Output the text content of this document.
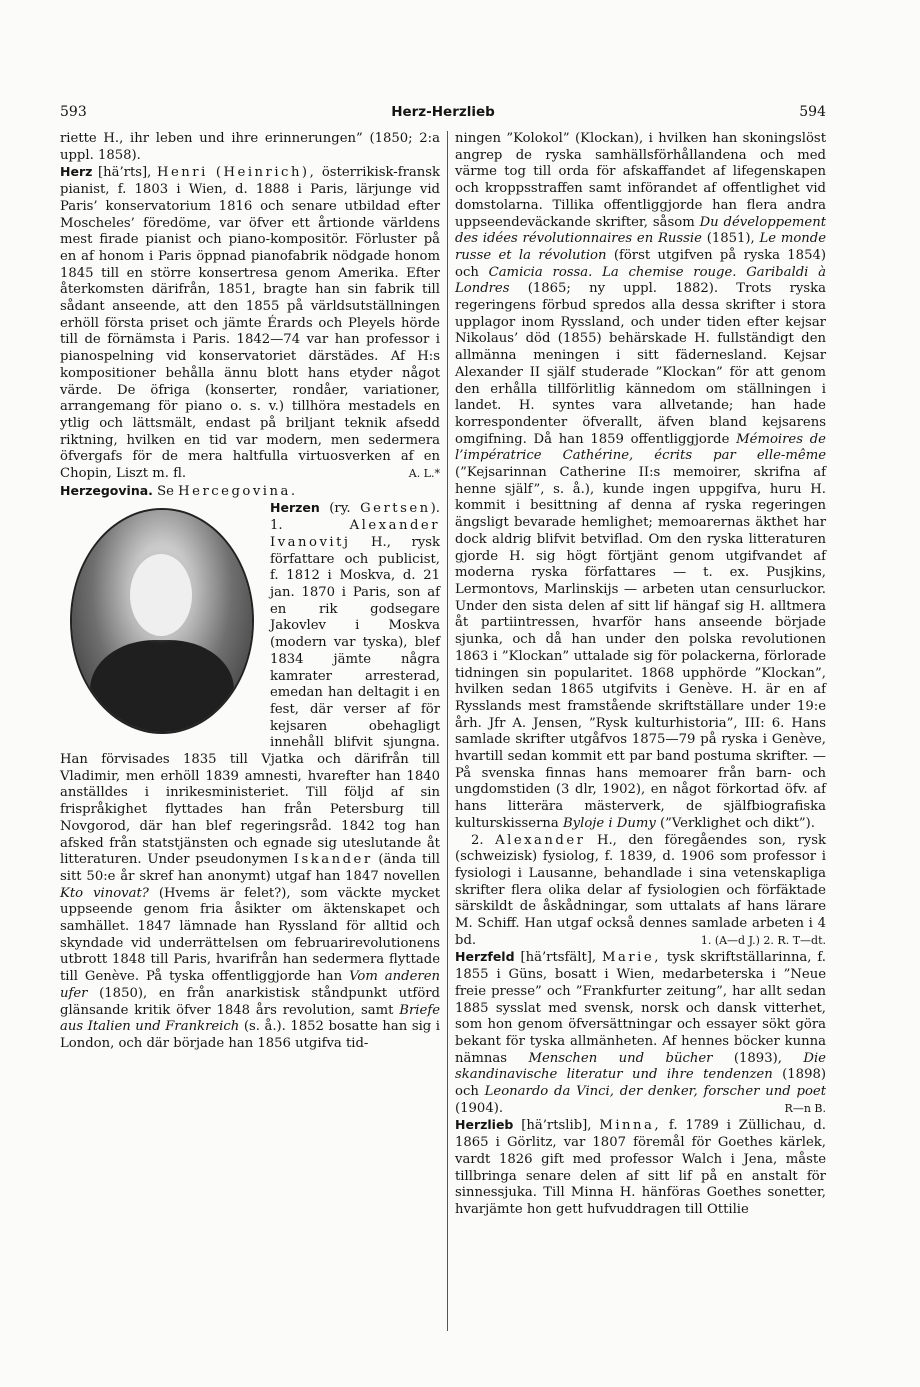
593	Herz-Herzlieb	594

riette H., ihr leben und ihre erinnerungen” (1850; 2:a uppl. 1858).

Herz [hä’rts], Henri (Heinrich), österrikisk-fransk pianist, f. 1803 i Wien, d. 1888 i Paris, lärjunge vid Paris’ konservatorium 1816 och senare utbildad efter Moscheles’ föredöme, var öfver ett årtionde världens mest firade pianist och piano-kompositör. Förluster på en af honom i Paris öppnad pianofabrik nödgade honom 1845 till en större konsertresa genom Amerika. Efter återkomsten därifrån, 1851, bragte han sin fabrik till sådant anseende, att den 1855 på världsutställningen erhöll första priset och jämte Érards och Pleyels hörde till de förnämsta i Paris. 1842—74 var han professor i pianospelning vid konservatoriet därstädes. Af H:s kompositioner behålla ännu blott hans etyder något värde. De öfriga (konserter, rondåer, variationer, arrangemang för piano o. s. v.) tillhöra mestadels en ytlig och lättsmält, endast på briljant teknik afsedd riktning, hvilken en tid var modern, men sedermera öfvergafs för de mera haltfulla virtuosverken af en Chopin, Liszt m. fl.	A. L.*

Herzegovina. Se Hercegovina.

Herzen (ry. Gertsen). 1. Alexander Ivanovitj H., rysk författare och publicist, f. 1812 i Moskva, d. 21 jan. 1870 i Paris, son af en rik godsegare Jakovlev i Moskva (modern var tyska), blef 1834 jämte några kamrater arresterad, emedan han deltagit i en fest, där verser af för kejsaren obehagligt innehåll blifvit sjungna. Han förvisades 1835 till Vjatka och därifrån till Vladimir, men erhöll 1839 amnesti, hvarefter han 1840 anställdes i inrikesministeriet. Till följd af sin frispråkighet flyttades han från Petersburg till Novgorod, där han blef regeringsråd. 1842 tog han afsked från statstjänsten och egnade sig uteslutande åt litteraturen. Under pseudonymen Iskander (ända till sitt 50:e år skref han anonymt) utgaf han 1847 novellen Kto vinovat? (Hvems är felet?), som väckte mycket uppseende genom fria åsikter om äktenskapet och samhället. 1847 lämnade han Ryssland för alltid och skyndade vid underrättelsen om februarirevolutionens utbrott 1848 till Paris, hvarifrån han sedermera flyttade till Genève. På tyska offentliggjorde han Vom anderen ufer (1850), en från anarkistisk ståndpunkt utförd glänsande kritik öfver 1848 års revolution, samt Briefe aus Italien und Frankreich (s. å.). 1852 bosatte han sig i London, och där började han 1856 utgifva tid-

ningen ”Kolokol” (Klockan), i hvilken han skoningslöst angrep de ryska samhällsförhållandena och med värme tog till orda för afskaffandet af lifegenskapen och kroppsstraffen samt införandet af offentlighet vid domstolarna. Tillika offentliggjorde han flera andra uppseendeväckande skrifter, såsom Du développement des idées révolutionnaires en Russie (1851), Le monde russe et la révolution (först utgifven på ryska 1854) och Camicia rossa. La chemise rouge. Garibaldi à Londres (1865; ny uppl. 1882). Trots ryska regeringens förbud spredos alla dessa skrifter i stora upplagor inom Ryssland, och under tiden efter kejsar Nikolaus’ död (1855) behärskade H. fullständigt den allmänna meningen i sitt fädernesland. Kejsar Alexander II själf studerade ”Klockan” för att genom den erhålla tillförlitlig kännedom om ställningen i landet. H. syntes vara allvetande; han hade korrespondenter öfverallt, äfven bland kejsarens omgifning. Då han 1859 offentliggjorde Mémoires de l’impératrice Cathérine, écrits par elle-même (”Kejsarinnan Catherine II:s memoirer, skrifna af henne själf”, s. å.), kunde ingen uppgifva, huru H. kommit i besittning af denna af ryska regeringen ängsligt bevarade hemlighet; memoarernas äkthet har dock aldrig blifvit betviflad. Om den ryska litteraturen gjorde H. sig högt förtjänt genom utgifvandet af moderna ryska författares — t. ex. Pusjkins, Lermontovs, Marlinskijs — arbeten utan censurluckor. Under den sista delen af sitt lif hängaf sig H. alltmera åt partiintressen, hvarför hans anseende började sjunka, och då han under den polska revolutionen 1863 i ”Klockan” uttalade sig för polackerna, förlorade tidningen sin popularitet. 1868 upphörde ”Klockan”, hvilken sedan 1865 utgifvits i Genève. H. är en af Rysslands mest framstående skriftställare under 19:e årh. Jfr A. Jensen, ”Rysk kulturhistoria”, III: 6. Hans samlade skrifter utgåfvos 1875—79 på ryska i Genève, hvartill sedan kommit ett par band postuma skrifter. — På svenska finnas hans memoarer från barn- och ungdomstiden (3 dlr, 1902), en något förkortad öfv. af hans litterära mästerverk, de själfbiografiska kulturskisserna Byloje i Dumy (”Verklighet och dikt”).

2. Alexander H., den föregåendes son, rysk (schweizisk) fysiolog, f. 1839, d. 1906 som professor i fysiologi i Lausanne, behandlade i sina vetenskapliga skrifter flera olika delar af fysiologien och förfäktade särskildt de åskådningar, som uttalats af hans lärare M. Schiff. Han utgaf också dennes samlade arbeten i 4 bd.	1. (A—d J.) 2. R. T—dt.

Herzfeld [hä’rtsfält], Marie, tysk skriftställarinna, f. 1855 i Güns, bosatt i Wien, medarbeterska i ”Neue freie presse” och ”Frankfurter zeitung”, har allt sedan 1885 sysslat med svensk, norsk och dansk vitterhet, som hon genom öfversättningar och essayer sökt göra bekant för tyska allmänheten. Af hennes böcker kunna nämnas Menschen und bücher (1893), Die skandinavische literatur und ihre tendenzen (1898) och Leonardo da Vinci, der denker, forscher und poet (1904).	R—n B.

Herzlieb [hä’rtslib], Minna, f. 1789 i Züllichau, d. 1865 i Görlitz, var 1807 föremål för Goethes kärlek, vardt 1826 gift med professor Walch i Jena, måste tillbringa senare delen af sitt lif på en anstalt för sinnessjuka. Till Minna H. hänföras Goethes sonetter, hvarjämte hon gett hufvuddragen till Ottilie
